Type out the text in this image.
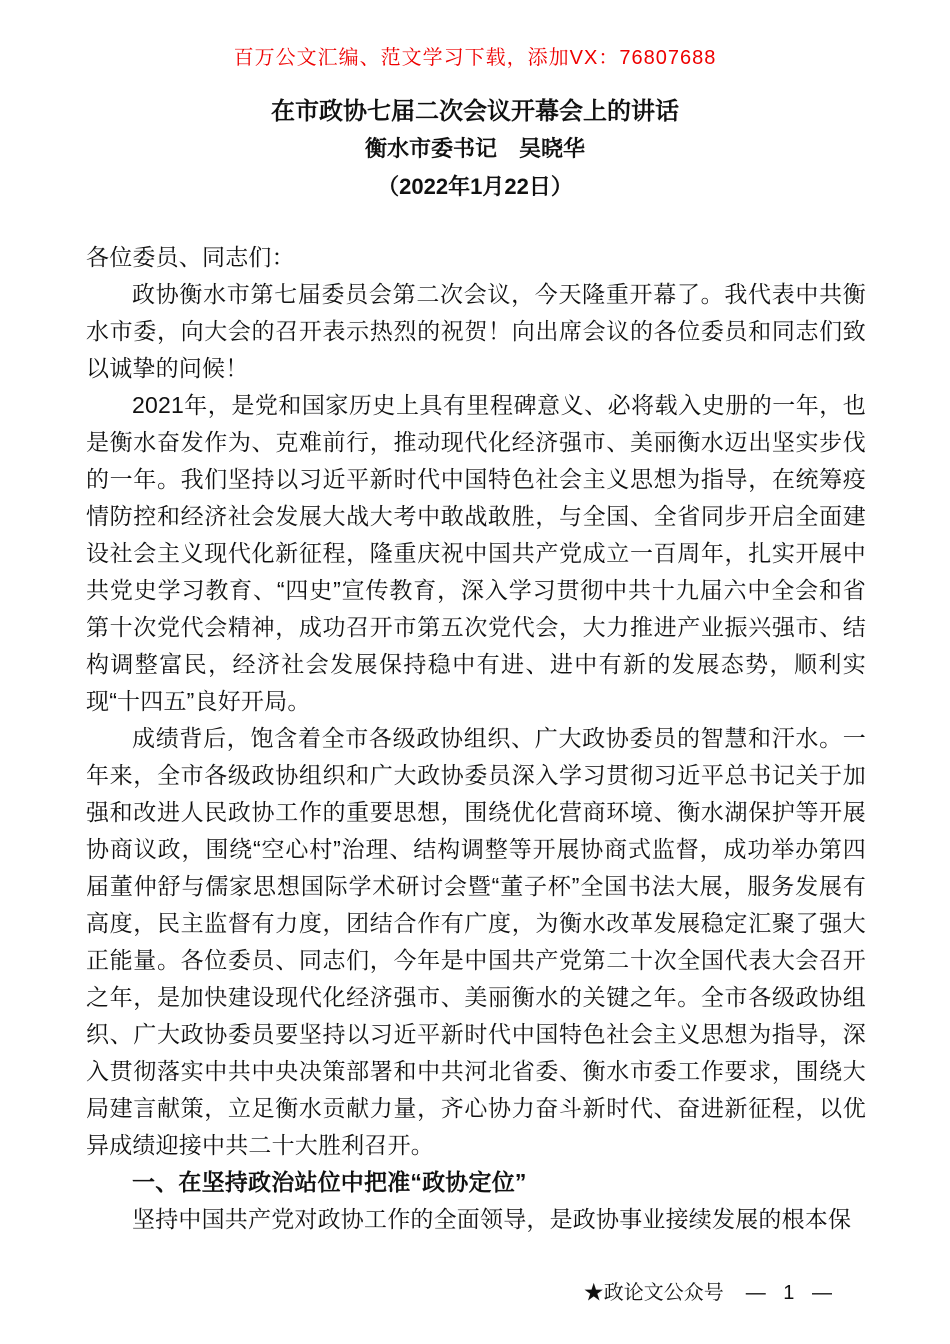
百万公文汇编、范文学习下载，添加VX：76807688
在市政协七届二次会议开幕会上的讲话
衡水市委书记　吴晓华
（2022年1月22日）

各位委员、同志们：

政协衡水市第七届委员会第二次会议，今天隆重开幕了。我代表中共衡水市委，向大会的召开表示热烈的祝贺！向出席会议的各位委员和同志们致以诚挚的问候！

2021年，是党和国家历史上具有里程碑意义、必将载入史册的一年，也是衡水奋发作为、克难前行，推动现代化经济强市、美丽衡水迈出坚实步伐的一年。我们坚持以习近平新时代中国特色社会主义思想为指导，在统筹疫情防控和经济社会发展大战大考中敢战敢胜，与全国、全省同步开启全面建设社会主义现代化新征程，隆重庆祝中国共产党成立一百周年，扎实开展中共党史学习教育、“四史”宣传教育，深入学习贯彻中共十九届六中全会和省第十次党代会精神，成功召开市第五次党代会，大力推进产业振兴强市、结构调整富民，经济社会发展保持稳中有进、进中有新的发展态势，顺利实现“十四五”良好开局。

成绩背后，饱含着全市各级政协组织、广大政协委员的智慧和汗水。一年来，全市各级政协组织和广大政协委员深入学习贯彻习近平总书记关于加强和改进人民政协工作的重要思想，围绕优化营商环境、衡水湖保护等开展协商议政，围绕“空心村”治理、结构调整等开展协商式监督，成功举办第四届董仲舒与儒家思想国际学术研讨会暨“董子杯”全国书法大展，服务发展有高度，民主监督有力度，团结合作有广度，为衡水改革发展稳定汇聚了强大正能量。各位委员、同志们，今年是中国共产党第二十次全国代表大会召开之年，是加快建设现代化经济强市、美丽衡水的关键之年。全市各级政协组织、广大政协委员要坚持以习近平新时代中国特色社会主义思想为指导，深入贯彻落实中共中央决策部署和中共河北省委、衡水市委工作要求，围绕大局建言献策，立足衡水贡献力量，齐心协力奋斗新时代、奋进新征程，以优异成绩迎接中共二十大胜利召开。

一、在坚持政治站位中把准“政协定位”

坚持中国共产党对政协工作的全面领导，是政协事业接续发展的根本保

★政论文公众号 — 1 —
